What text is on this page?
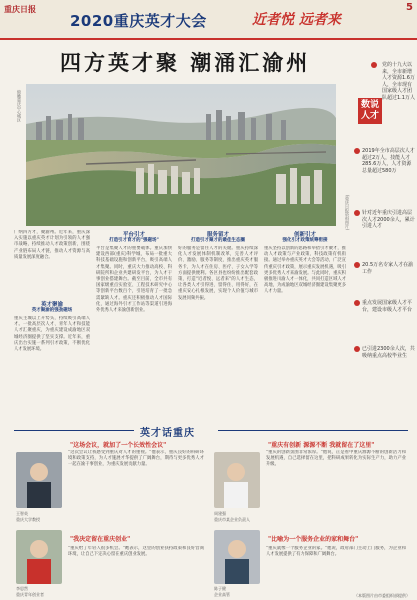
重庆日报
2020重庆英才大会	近者悦 远者来
5
四方英才聚 潮涌汇渝州
俯瞰重庆中心城区
(重庆日报资料图片)
数说人才
党的十九大以来，全市新增人才资源1.6万人，全市现有国家级人才团队超过1.1万人
2019年全市高层次人才超过2万人，技能人才285.6万人，人才资源总量超过580万
针对近年重庆引进高层次人才2000余人，累计引进人才
20.5万名专家人才在渝工作
重点发展国家级人才平台，建设市级人才平台
已引进2300余人次，共吸纳重点高校毕业生
广纳四方才，聚渝州。近年来，重庆深入实施以重庆英才计划为引领的人才强市战略，持续推动人才政策创新，围绕产业链布局人才链，推动人才资源与高质量发展深度融合。
英才聚渝
英才聚渝的强劲磁场
重庆主城以上升势头，持续吸引高端人才。一批高层次人才、青年人才和技能人才汇聚重庆，为重庆建设成渝地区双城经济圈提供了坚实支撑。近年来，重庆出台实施一系列引才政策，不断优化人才发展环境。
平台引才
打造引才育才的"强磁场"
平台是集聚人才的重要载体。重庆加快建设西部(重庆)科学城，布局一批重大科技基础设施和创新平台，吸引高端人才集聚。同时，重庆大力推动高校、科研院所和企业共建研发平台，为人才干事创业搭建舞台。截至目前，全市共有国家级重点实验室、工程技术研究中心等创新平台数百个，引进培育了一批急需紧缺人才。重庆还积极推动人才国际化，通过海外引才工作站等渠道引进海外优秀人才来渝创新创业。
服务留才
打造引才聚才的最佳生态圈
好的服务是留住人才的关键。重庆持续深化人才发展体制机制改革，完善人才评价、激励、服务等制度，推出重庆英才服务卡，为人才在住房、医疗、子女入学等方面提供便利。各区县也纷纷推出配套政策，打造"近者悦、远者来"的人才生态，让各类人才引得进、留得住、用得好，在重庆安心扎根发展，实现个人价值与城市发展同频共振。
创新引才
强化引才政策统筹衔接
重庆坚持以创新的思路和举措引才聚才，推动人才政策与产业政策、科技政策有机衔接。通过举办重庆英才大会等活动，广泛宣传重庆引才政策，展示重庆发展机遇，吸引更多优秀人才来渝发展。与此同时，重庆积极推进川渝人才一体化，共同打造区域人才高地，为成渝地区双城经济圈建设集聚更多人才力量。
英才话重庆
"这场会议，就加了一个长效性会议"
王智英
重庆大学教授
"这次会议让我感受到重庆对人才的重视。"他表示，重庆良好的科研环境和政策支持，为人才施展才华提供了广阔舞台，期待与更多优秀人才一起在渝干事创业，为重庆发展贡献力量。
"重庆有创新 源源不断 我就留在了这里"
周建强
重庆市某企业负责人
"重庆的创新氛围非常浓厚。"他说，正是看中重庆源源不断的创新活力和发展机遇，自己选择留在这里，把科研成果转化为实际生产力，助力产业升级。
"我决定留在重庆创业"
李思然
重庆青年创业者
"重庆给了年轻人很多机会。"她表示，这里的创业扶持政策和良好营商环境，让自己下定决心留在重庆创业发展。
"比喻为一个服务企业的家和舞台"
陈子健
企业高管
"重庆就像一个服务企业的家。"他说，政府部门主动上门服务，为企业和人才发展提供了有力保障和广阔舞台。
（本版图片由市委组织部提供）
